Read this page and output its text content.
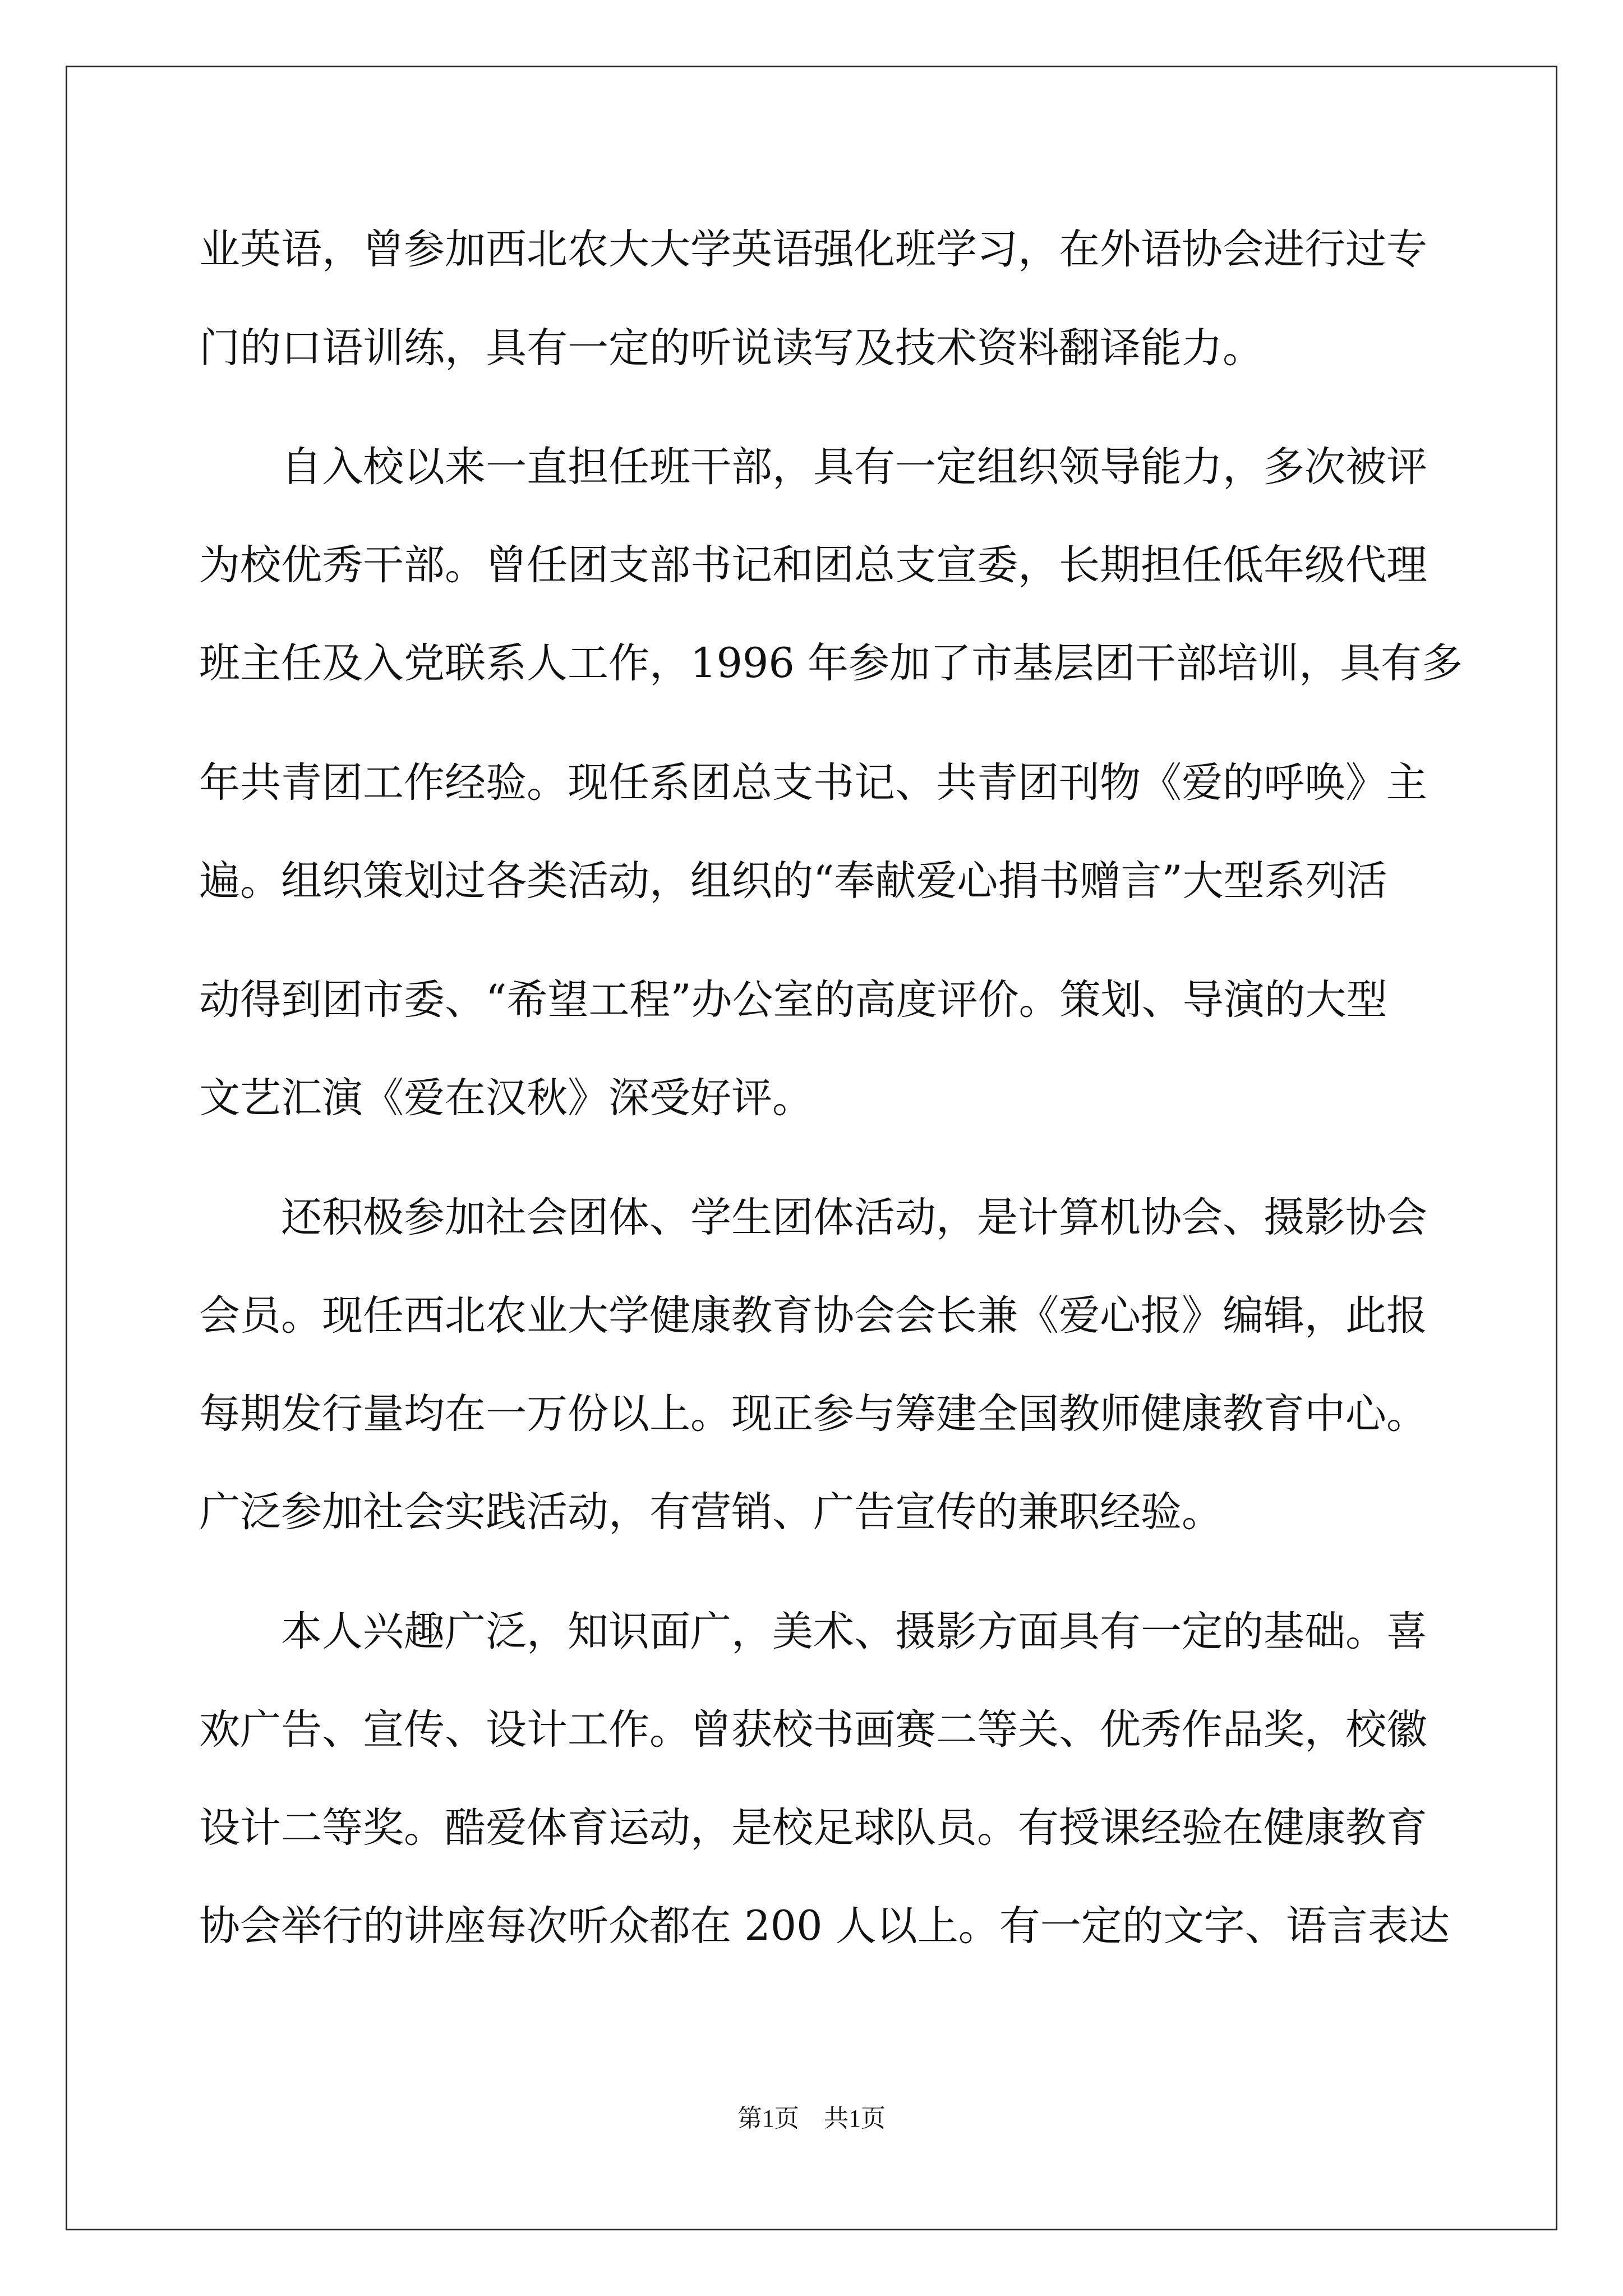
业英语，曾参加西北农大大学英语强化班学习，在外语协会进行过专
门的口语训练，具有一定的听说读写及技术资料翻译能力。
　　自入校以来一直担任班干部，具有一定组织领导能力，多次被评
为校优秀干部。曾任团支部书记和团总支宣委，长期担任低年级代理
班主任及入党联系人工作，1996 年参加了市基层团干部培训，具有多
年共青团工作经验。现任系团总支书记、共青团刊物《爱的呼唤》主
遍。组织策划过各类活动，组织的“奉献爱心捐书赠言”大型系列活
动得到团市委、“希望工程”办公室的高度评价。策划、导演的大型
文艺汇演《爱在汉秋》深受好评。
　　还积极参加社会团体、学生团体活动，是计算机协会、摄影协会
会员。现任西北农业大学健康教育协会会长兼《爱心报》编辑，此报
每期发行量均在一万份以上。现正参与筹建全国教师健康教育中心。
广泛参加社会实践活动，有营销、广告宣传的兼职经验。
　　本人兴趣广泛，知识面广，美术、摄影方面具有一定的基础。喜
欢广告、宣传、设计工作。曾获校书画赛二等关、优秀作品奖，校徽
设计二等奖。酷爱体育运动，是校足球队员。有授课经验在健康教育
协会举行的讲座每次听众都在 200 人以上。有一定的文字、语言表达
第1页　共1页
